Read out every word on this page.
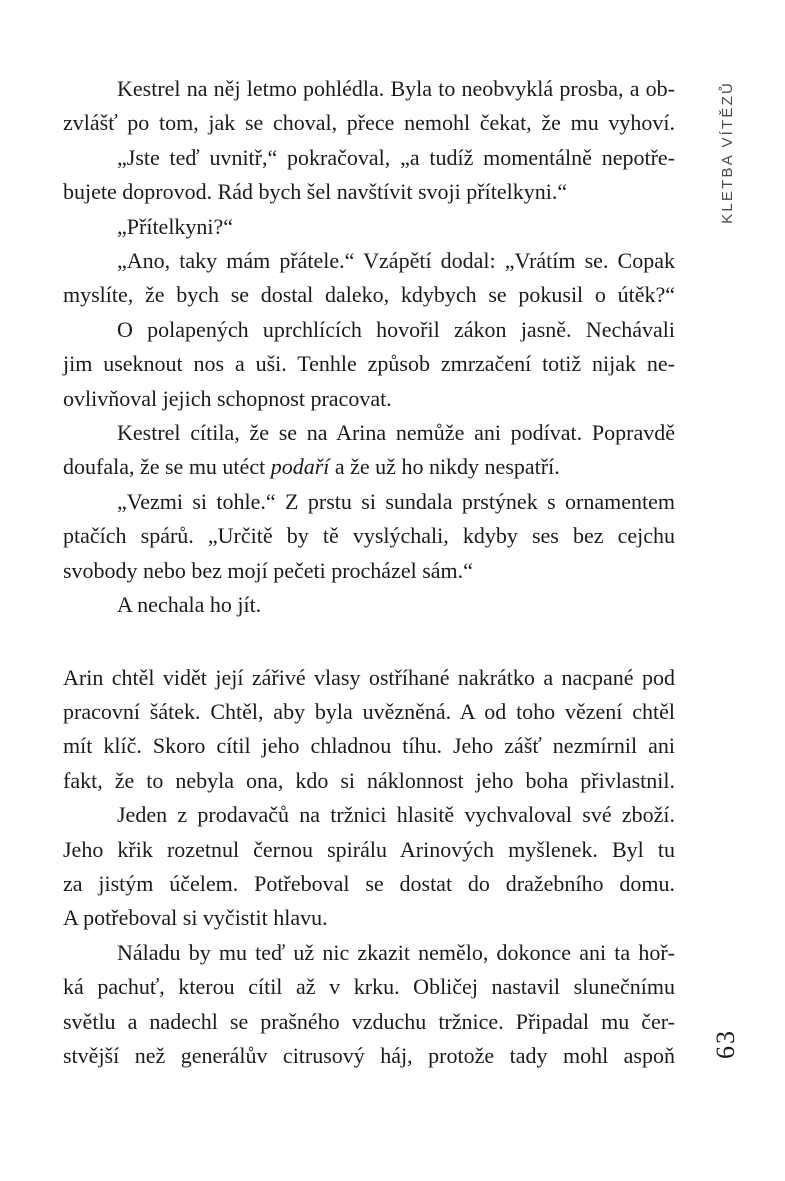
Kestrel na něj letmo pohlédla. Byla to neobvyklá prosba, a ob-
zvlášť po tom, jak se choval, přece nemohl čekat, že mu vyhoví.
„Jste teď uvnitř,“ pokračoval, „a tudíž momentálně nepotře-
bujete doprovod. Rád bych šel navštívit svoji přítelkyni.“
„Přítelkyni?“
„Ano, taky mám přátele.“ Vzápětí dodal: „Vrátím se. Copak
myslíte, že bych se dostal daleko, kdybych se pokusil o útěk?“
O polapených uprchlících hovořil zákon jasně. Nechávali
jim useknout nos a uši. Tenhle způsob zmrzačení totiž nijak ne-
ovlivňoval jejich schopnost pracovat.
Kestrel cítila, že se na Arina nemůže ani podívat. Popravdě
doufala, že se mu utéct podaří a že už ho nikdy nespatří.
„Vezmi si tohle.“ Z prstu si sundala prstýnek s ornamentem
ptačích spárů. „Určitě by tě vyslýchali, kdyby ses bez cejchu
svobody nebo bez mojí pečeti procházel sám.“
A nechala ho jít.
Arin chtěl vidět její zářivé vlasy ostříhané nakrátko a nacpané pod
pracovní šátek. Chtěl, aby byla uvězněná. A od toho vězení chtěl
mít klíč. Skoro cítil jeho chladnou tíhu. Jeho zášť nezmírnil ani
fakt, že to nebyla ona, kdo si náklonnost jeho boha přivlastnil.
Jeden z prodavačů na tržnici hlasitě vychvaloval své zboží.
Jeho křik rozetnul černou spirálu Arinových myšlenek. Byl tu
za jistým účelem. Potřeboval se dostat do dražebního domu.
A potřeboval si vyčistit hlavu.
Náladu by mu teď už nic zkazit nemělo, dokonce ani ta hoř-
ká pachuť, kterou cítil až v krku. Obličej nastavil slunečnímu
světlu a nadechl se prašného vzduchu tržnice. Připadal mu čer-
stvější než generálův citrusový háj, protože tady mohl aspoň
KLETBA VÍTĚZŮ
63
